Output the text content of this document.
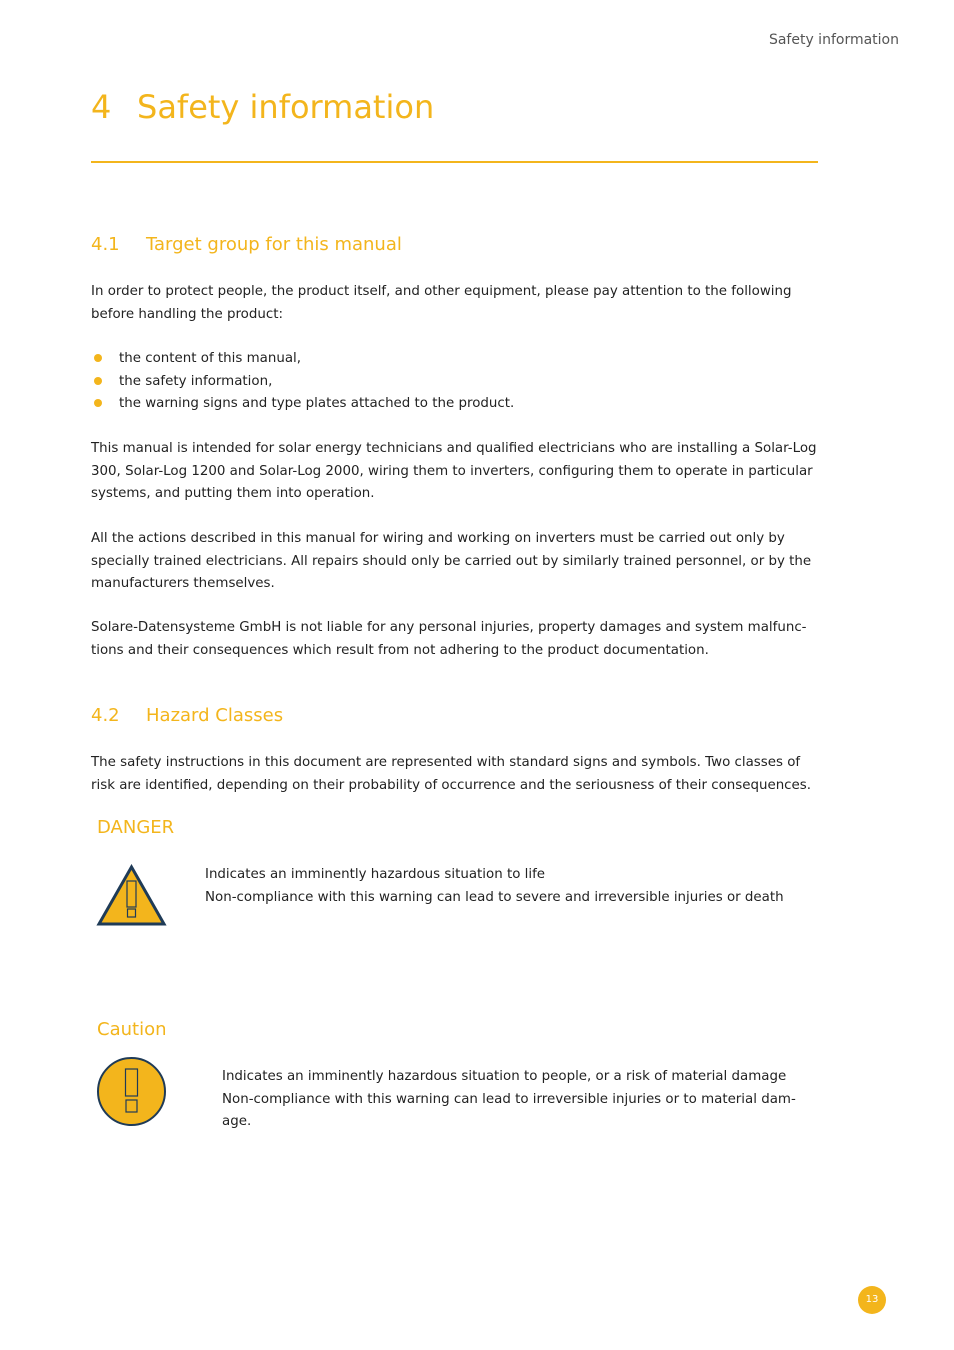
Safety information
4 Safety information
4.1 Target group for this manual

In order to protect people, the product itself, and other equipment, please pay attention to the following before handling the product:

the content of this manual,
the safety information,
the warning signs and type plates attached to the product.

This manual is intended for solar energy technicians and qualified electricians who are installing a Solar-Log 300, Solar-Log 1200 and Solar-Log 2000, wiring them to inverters, configuring them to operate in particular systems, and putting them into operation.

All the actions described in this manual for wiring and working on inverters must be carried out only by specially trained electricians. All repairs should only be carried out by similarly trained personnel, or by the manufacturers themselves.

Solare-Datensysteme GmbH is not liable for any personal injuries, property damages and system malfunc-tions and their consequences which result from not adhering to the product documentation.

4.2 Hazard Classes

The safety instructions in this document are represented with standard signs and symbols. Two classes of risk are identified, depending on their probability of occurrence and the seriousness of their consequences.

DANGER

Indicates an imminently hazardous situation to life

Non-compliance with this warning can lead to severe and irreversible injuries or death

Caution

Indicates an imminently hazardous situation to people, or a risk of material damage

Non-compliance with this warning can lead to irreversible injuries or to material dam-age.

13
